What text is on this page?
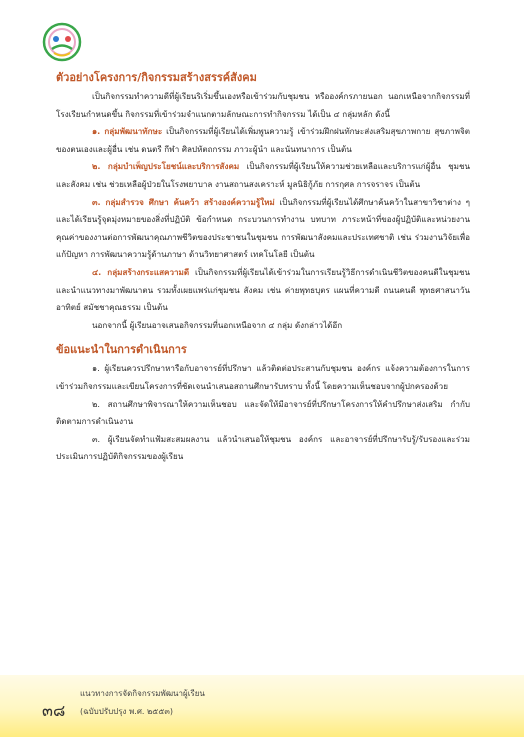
ตัวอย่างโครงการ/กิจกรรมสร้างสรรค์สังคม

เป็นกิจกรรมทำความดีที่ผู้เรียนริเริ่มขึ้นเองหรือเข้าร่วมกับชุมชน หรือองค์กรภายนอก นอกเหนือจากกิจกรรมที่โรงเรียนกำหนดขึ้น กิจกรรมที่เข้าร่วมจำแนกตามลักษณะการทำกิจกรรม ได้เป็น ๔ กลุ่มหลัก ดังนี้

๑. กลุ่มพัฒนาทักษะ เป็นกิจกรรมที่ผู้เรียนได้เพิ่มพูนความรู้ เข้าร่วมฝึกฝนทักษะส่งเสริมสุขภาพกาย สุขภาพจิตของตนเองและผู้อื่น เช่น ดนตรี กีฬา ศิลปหัตถกรรม ภาวะผู้นำ และนันทนาการ เป็นต้น

๒. กลุ่มบำเพ็ญประโยชน์และบริการสังคม เป็นกิจกรรมที่ผู้เรียนให้ความช่วยเหลือและบริการแก่ผู้อื่น ชุมชนและสังคม เช่น ช่วยเหลือผู้ป่วยในโรงพยาบาล งานสถานสงเคราะห์ มูลนิธิกู้ภัย การกุศล การจราจร เป็นต้น

๓. กลุ่มสำรวจ ศึกษา ค้นคว้า สร้างองค์ความรู้ใหม่ เป็นกิจกรรมที่ผู้เรียนได้ศึกษาค้นคว้าในสาขาวิชาต่าง ๆ และได้เรียนรู้จุดมุ่งหมายของสิ่งที่ปฏิบัติ ข้อกำหนด กระบวนการทำงาน บทบาท ภาระหน้าที่ของผู้ปฏิบัติและหน่วยงาน คุณค่าของงานต่อการพัฒนาคุณภาพชีวิตของประชาชนในชุมชน การพัฒนาสังคมและประเทศชาติ เช่น ร่วมงานวิจัยเพื่อแก้ปัญหา การพัฒนาความรู้ด้านภาษา ด้านวิทยาศาสตร์ เทคโนโลยี เป็นต้น

๔. กลุ่มสร้างกระแสความดี เป็นกิจกรรมที่ผู้เรียนได้เข้าร่วมในการเรียนรู้วิธีการดำเนินชีวิตของคนดีในชุมชน และนำแนวทางมาพัฒนาตน รวมทั้งเผยแพร่แก่ชุมชน สังคม เช่น ค่ายพุทธบุตร แผนที่ความดี ถนนคนดี พุทธศาสนาวันอาทิตย์ สมัชชาคุณธรรม เป็นต้น

นอกจากนี้ ผู้เรียนอาจเสนอกิจกรรมที่นอกเหนือจาก ๔ กลุ่ม ดังกล่าวได้อีก

ข้อแนะนำในการดำเนินการ

๑. ผู้เรียนควรปรึกษาหารือกับอาจารย์ที่ปรึกษา แล้วติดต่อประสานกับชุมชน องค์กร แจ้งความต้องการในการเข้าร่วมกิจกรรมและเขียนโครงการที่ชัดเจนนำเสนอสถานศึกษารับทราบ ทั้งนี้ โดยความเห็นชอบจากผู้ปกครองด้วย

๒. สถานศึกษาพิจารณาให้ความเห็นชอบ และจัดให้มีอาจารย์ที่ปรึกษาโครงการให้คำปรึกษาส่งเสริม กำกับ ติดตามการดำเนินงาน

๓. ผู้เรียนจัดทำแฟ้มสะสมผลงาน แล้วนำเสนอให้ชุมชน องค์กร และอาจารย์ที่ปรึกษารับรู้/รับรองและร่วมประเมินการปฏิบัติกิจกรรมของผู้เรียน

๓๘
แนวทางการจัดกิจกรรมพัฒนาผู้เรียน
(ฉบับปรับปรุง พ.ศ. ๒๕๕๓)
